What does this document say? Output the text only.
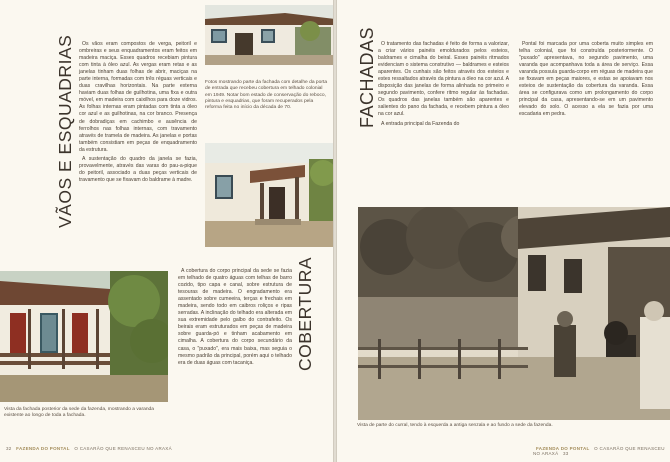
VÃOS E ESQUADRIAS	Os vãos eram compostos de verga, peitoril e ombreiras e seus enquadramentos eram feitos em madeira maciça. Esses quadros recebiam pintura com tinta à óleo azul. As vergas eram retas e as janelas tinham duas folhas de abrir, maciças na parte interna, formadas com três réguas verticais e duas cravilhas horizontais. Na parte externa haviam duas folhas de guilhotina, uma fixa e outra móvel, em madeira com caixilhos para doze vidros. As folhas internas eram pintadas com tinta a óleo cor azul e as guilhotinas, na cor branco. Presença de dobradiças em cachimbo e ausência de ferrolhos nas folhas internas, com travamento através de tramela de madeira. As janelas e portas também consistiam em peças de enquadramento da estrutura.

A sustentação do quadro da janela se fazia, provavelmente, através das varas do pau-a-pique do peitoril, associado a duas peças verticais de travamento que se fixavam do baldrame à madre.

Fotos mostrando parte da fachada com detalhe da porta de entrada que recebeu cobertura em telhado colonial em 1949. Notar bom estado de conservação do reboco, pintura e esquadrias, que foram recuperados pela reforma feita no início da década de 70.
COBERTURA

A cobertura do corpo principal da sede se fazia em telhado de quatro águas com telhas de barro cozido, tipo capa e canal, sobre estrutura de tesouras de madeira. O engradamento era assentado sobre cumeeira, terças e frechais em madeira, sendo todo em caibros roliços e ripas serradas. A inclinação do telhado era alterada em sua extremidade pelo galbo do contrafeito. Os beirais eram estruturados em peças de madeira sobre guarda-pó e tinham acabamento em cimalha. A cobertura do corpo secundário da casa, o "puxado", era mais baixa, mas seguia o mesmo padrão da principal, porém aqui o telhado era de duas águas com tacaniça.

Vista da fachada posterior da sede da fazenda, mostrando a varanda existente ao longo de toda a fachada.
32 FAZENDA DO PONTAL O CASARÃO QUE RENASCEU NO ARAXÁ
FACHADAS O tratamento das fachadas é feito de forma a valorizar, a criar vários painéis emoldurados pelos esteios, baldrames e cimalha do beiral. Esses painéis ritmados evidenciam o sistema construtivo — baldrames e esteios aparentes. Os cunhais são feitos através dos esteios e estes ressaltados através da pintura a óleo na cor azul. A disposição das janelas de forma alinhada no primeiro e segundo pavimento, confere ritmo regular às fachadas. Os quadros das janelas também são aparentes e salientes do pano da fachada, e recebem pintura a óleo na cor azul.

A entrada principal da Fazenda do

Pontal foi marcada por uma coberta muito simples em telha colonial, que foi construída posteriormente. O "puxado" apresentava, no segundo pavimento, uma varanda que acompanhava toda a área de serviço. Essa varanda possuía guarda-corpo em réguas de madeira que se fixavam em peças maiores, e estas se apoiavam nos esteios de sustentação da cobertura da varanda. Essa área se configurava como um prolongamento do corpo principal da casa, apresentando-se em um pavimento elevado do solo. O acesso a ela se fazia por uma escadaria em pedra.

Vista de parte do curral, tendo à esquerda a antiga senzala e ao fundo a sede da fazenda.
FAZENDA DO PONTAL O CASARÃO QUE RENASCEU NO ARAXÁ 33
